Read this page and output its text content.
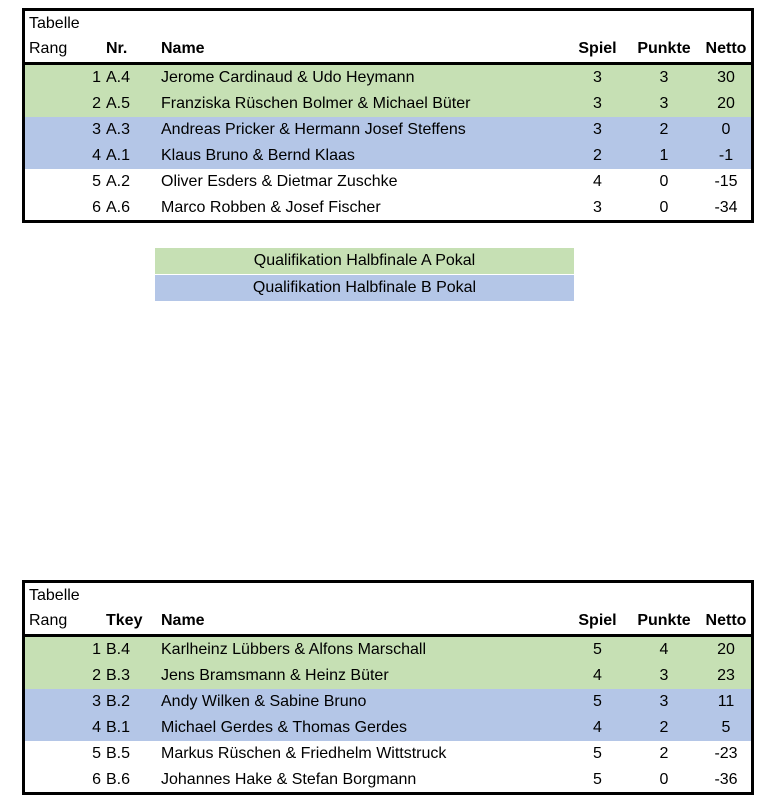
Tabelle
Rang Nr. Name	Spiel	Punkte Netto
1 A.4 Jerome Cardinaud & Udo Heymann	3	3	30
2 A.5 Franziska Rüschen Bolmer & Michael Büter	3	3	20
3 A.3 Andreas Pricker & Hermann Josef Steffens	3	2	0
4 A.1 Klaus Bruno & Bernd Klaas	2	1	-1
5 A.2 Oliver Esders & Dietmar Zuschke	4	0	-15
6 A.6 Marco Robben & Josef Fischer	3	0	-34
Qualifikation Halbfinale A Pokal
Qualifikation Halbfinale B Pokal
Tabelle
Rang Tkey Name	Spiel	Punkte Netto
1 B.4 Karlheinz Lübbers & Alfons Marschall	5	4	20
2 B.3 Jens Bramsmann & Heinz Büter	4	3	23
3 B.2 Andy Wilken & Sabine Bruno	5	3	11
4 B.1 Michael Gerdes & Thomas Gerdes	4	2	5
5 B.5 Markus Rüschen & Friedhelm Wittstruck	5	2	-23
6 B.6 Johannes Hake & Stefan Borgmann	5	0	-36
